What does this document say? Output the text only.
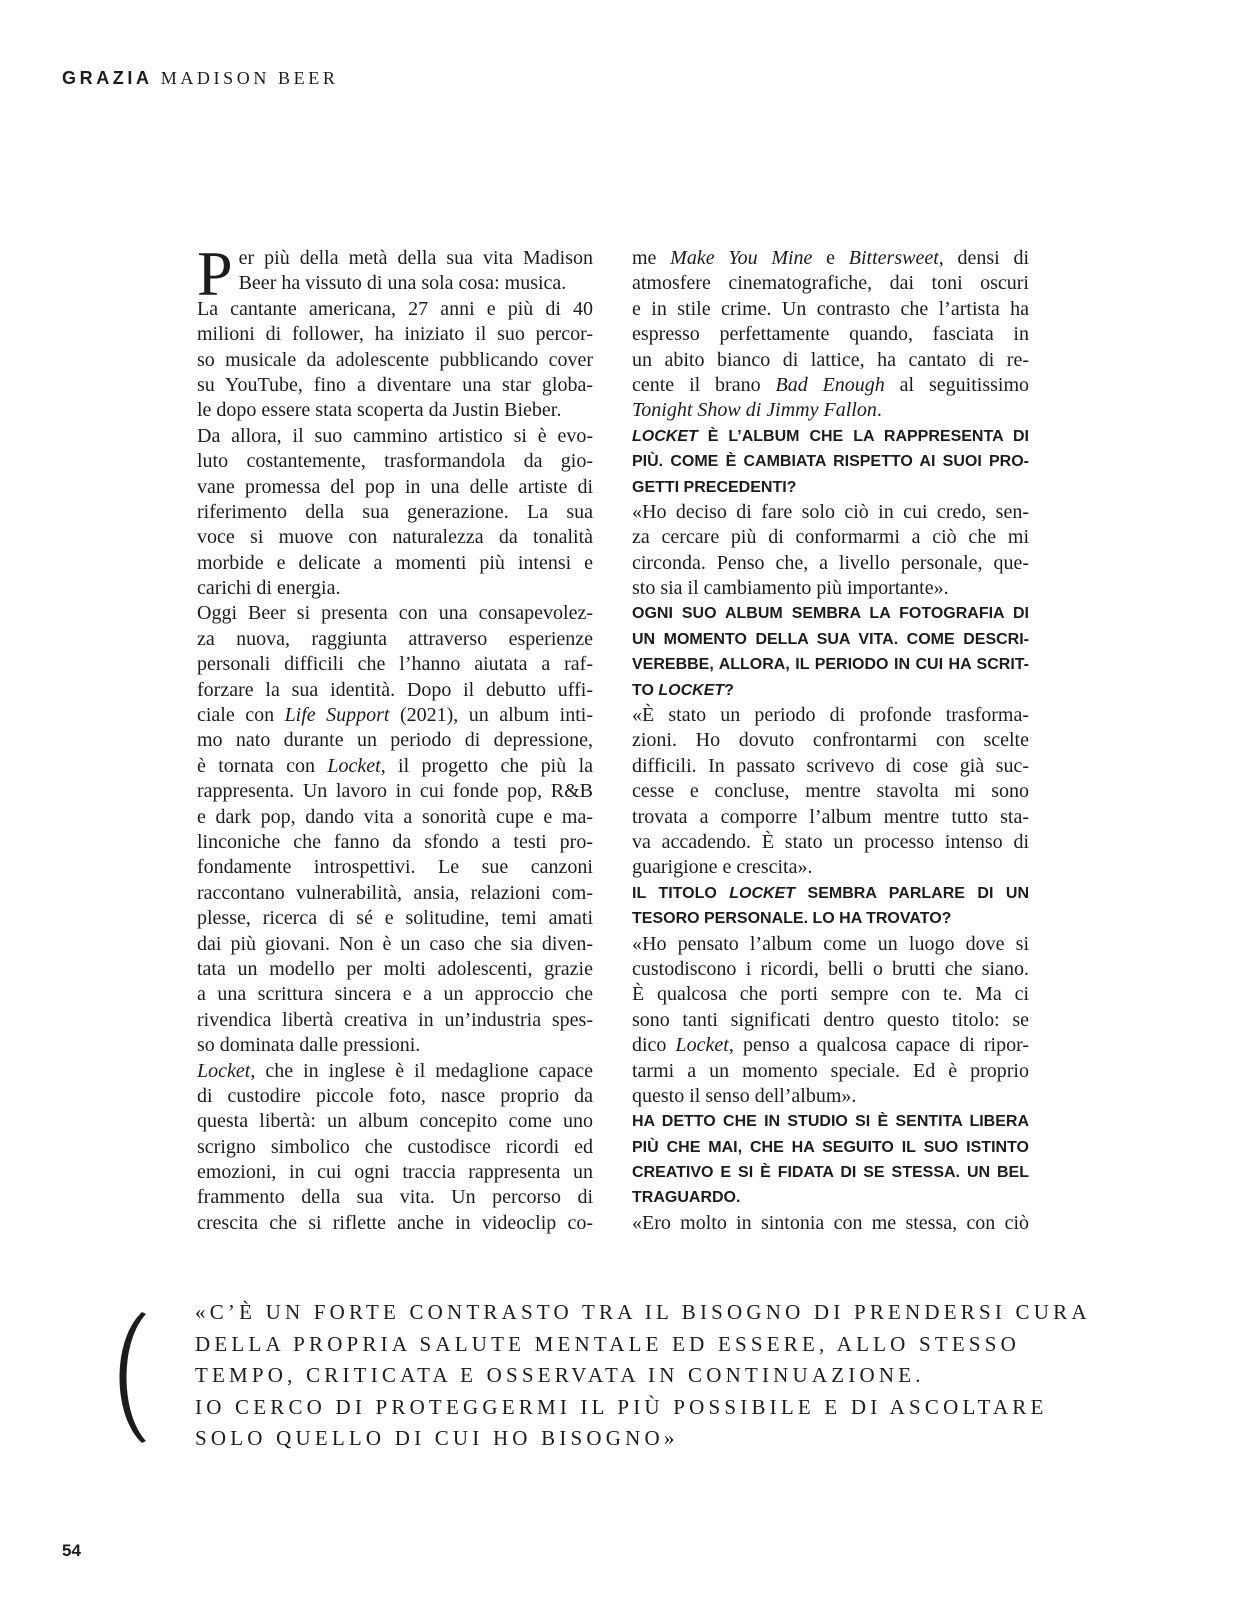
GRAZIA MADISON BEER
Per più della metà della sua vita Madison
Beer ha vissuto di una sola cosa: musica.
La cantante americana, 27 anni e più di 40
milioni di follower, ha iniziato il suo percor-
so musicale da adolescente pubblicando cover
su YouTube, fino a diventare una star globa-
le dopo essere stata scoperta da Justin Bieber.
Da allora, il suo cammino artistico si è evo-
luto costantemente, trasformandola da gio-
vane promessa del pop in una delle artiste di
riferimento della sua generazione. La sua
voce si muove con naturalezza da tonalità
morbide e delicate a momenti più intensi e
carichi di energia.
Oggi Beer si presenta con una consapevolez-
za nuova, raggiunta attraverso esperienze
personali difficili che l’hanno aiutata a raf-
forzare la sua identità. Dopo il debutto uffi-
ciale con Life Support (2021), un album inti-
mo nato durante un periodo di depressione,
è tornata con Locket, il progetto che più la
rappresenta. Un lavoro in cui fonde pop, R&B
e dark pop, dando vita a sonorità cupe e ma-
linconiche che fanno da sfondo a testi pro-
fondamente introspettivi. Le sue canzoni
raccontano vulnerabilità, ansia, relazioni com-
plesse, ricerca di sé e solitudine, temi amati
dai più giovani. Non è un caso che sia diven-
tata un modello per molti adolescenti, grazie
a una scrittura sincera e a un approccio che
rivendica libertà creativa in un’industria spes-
so dominata dalle pressioni.
Locket, che in inglese è il medaglione capace
di custodire piccole foto, nasce proprio da
questa libertà: un album concepito come uno
scrigno simbolico che custodisce ricordi ed
emozioni, in cui ogni traccia rappresenta un
frammento della sua vita. Un percorso di
crescita che si riflette anche in videoclip co-
me Make You Mine e Bittersweet, densi di
atmosfere cinematografiche, dai toni oscuri
e in stile crime. Un contrasto che l’artista ha
espresso perfettamente quando, fasciata in
un abito bianco di lattice, ha cantato di re-
cente il brano Bad Enough al seguitissimo
Tonight Show di Jimmy Fallon.
LOCKET È L’ALBUM CHE LA RAPPRESENTA DI
PIÙ. COME È CAMBIATA RISPETTO AI SUOI PRO-
GETTI PRECEDENTI?
«Ho deciso di fare solo ciò in cui credo, sen-
za cercare più di conformarmi a ciò che mi
circonda. Penso che, a livello personale, que-
sto sia il cambiamento più importante».
OGNI SUO ALBUM SEMBRA LA FOTOGRAFIA DI
UN MOMENTO DELLA SUA VITA. COME DESCRI-
VEREBBE, ALLORA, IL PERIODO IN CUI HA SCRIT-
TO LOCKET?
«È stato un periodo di profonde trasforma-
zioni. Ho dovuto confrontarmi con scelte
difficili. In passato scrivevo di cose già suc-
cesse e concluse, mentre stavolta mi sono
trovata a comporre l’album mentre tutto sta-
va accadendo. È stato un processo intenso di
guarigione e crescita».
IL TITOLO LOCKET SEMBRA PARLARE DI UN
TESORO PERSONALE. LO HA TROVATO?
«Ho pensato l’album come un luogo dove si
custodiscono i ricordi, belli o brutti che siano.
È qualcosa che porti sempre con te. Ma ci
sono tanti significati dentro questo titolo: se
dico Locket, penso a qualcosa capace di ripor-
tarmi a un momento speciale. Ed è proprio
questo il senso dell’album».
HA DETTO CHE IN STUDIO SI È SENTITA LIBERA
PIÙ CHE MAI, CHE HA SEGUITO IL SUO ISTINTO
CREATIVO E SI È FIDATA DI SE STESSA. UN BEL
TRAGUARDO.
«Ero molto in sintonia con me stessa, con ciò
«C’È UN FORTE CONTRASTO TRA IL BISOGNO DI PRENDERSI CURA
DELLA PROPRIA SALUTE MENTALE ED ESSERE, ALLO STESSO
TEMPO, CRITICATA E OSSERVATA IN CONTINUAZIONE.
IO CERCO DI PROTEGGERMI IL PIÙ POSSIBILE E DI ASCOLTARE
SOLO QUELLO DI CUI HO BISOGNO»
54
